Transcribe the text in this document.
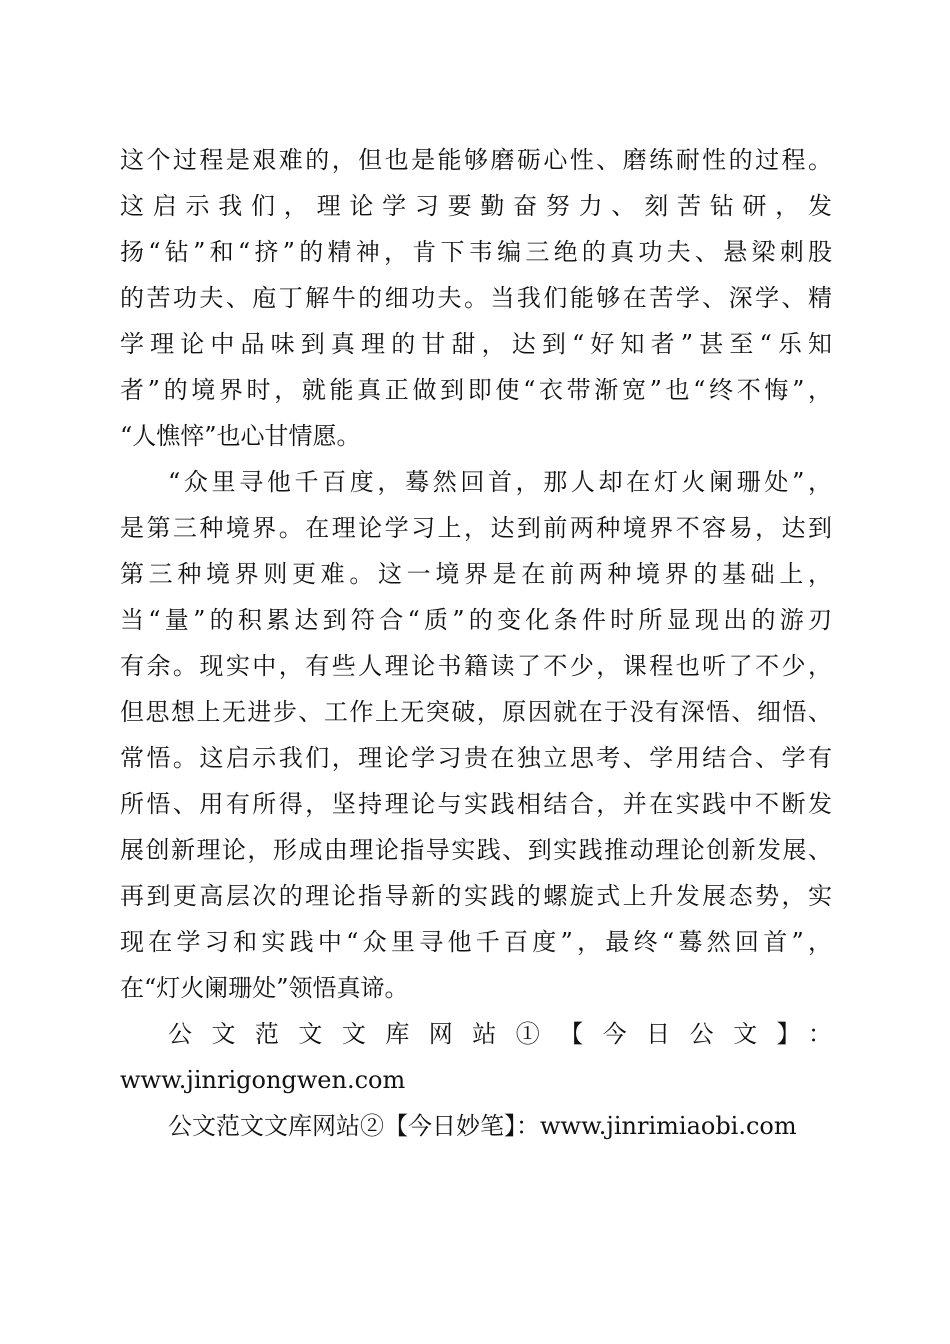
这个过程是艰难的，但也是能够磨砺心性、磨练耐性的过程。
这启示我们，理论学习要勤奋努力、刻苦钻研，发
扬“钻”和“挤”的精神，肯下韦编三绝的真功夫、悬梁刺股
的苦功夫、庖丁解牛的细功夫。当我们能够在苦学、深学、精
学理论中品味到真理的甘甜，达到“好知者”甚至“乐知
者”的境界时，就能真正做到即使“衣带渐宽”也“终不悔”，
“人憔悴”也心甘情愿。
“众里寻他千百度，蓦然回首，那人却在灯火阑珊处”，
是第三种境界。在理论学习上，达到前两种境界不容易，达到
第三种境界则更难。这一境界是在前两种境界的基础上，
当“量”的积累达到符合“质”的变化条件时所显现出的游刃
有余。现实中，有些人理论书籍读了不少，课程也听了不少，
但思想上无进步、工作上无突破，原因就在于没有深悟、细悟、
常悟。这启示我们，理论学习贵在独立思考、学用结合、学有
所悟、用有所得，坚持理论与实践相结合，并在实践中不断发
展创新理论，形成由理论指导实践、到实践推动理论创新发展、
再到更高层次的理论指导新的实践的螺旋式上升发展态势，实
现在学习和实践中“众里寻他千百度”，最终“蓦然回首”，
在“灯火阑珊处”领悟真谛。
公文范文文库网站①【今日公文】：
www.jinrigongwen.com
公文范文文库网站②【今日妙笔】：www.jinrimiaobi.com
